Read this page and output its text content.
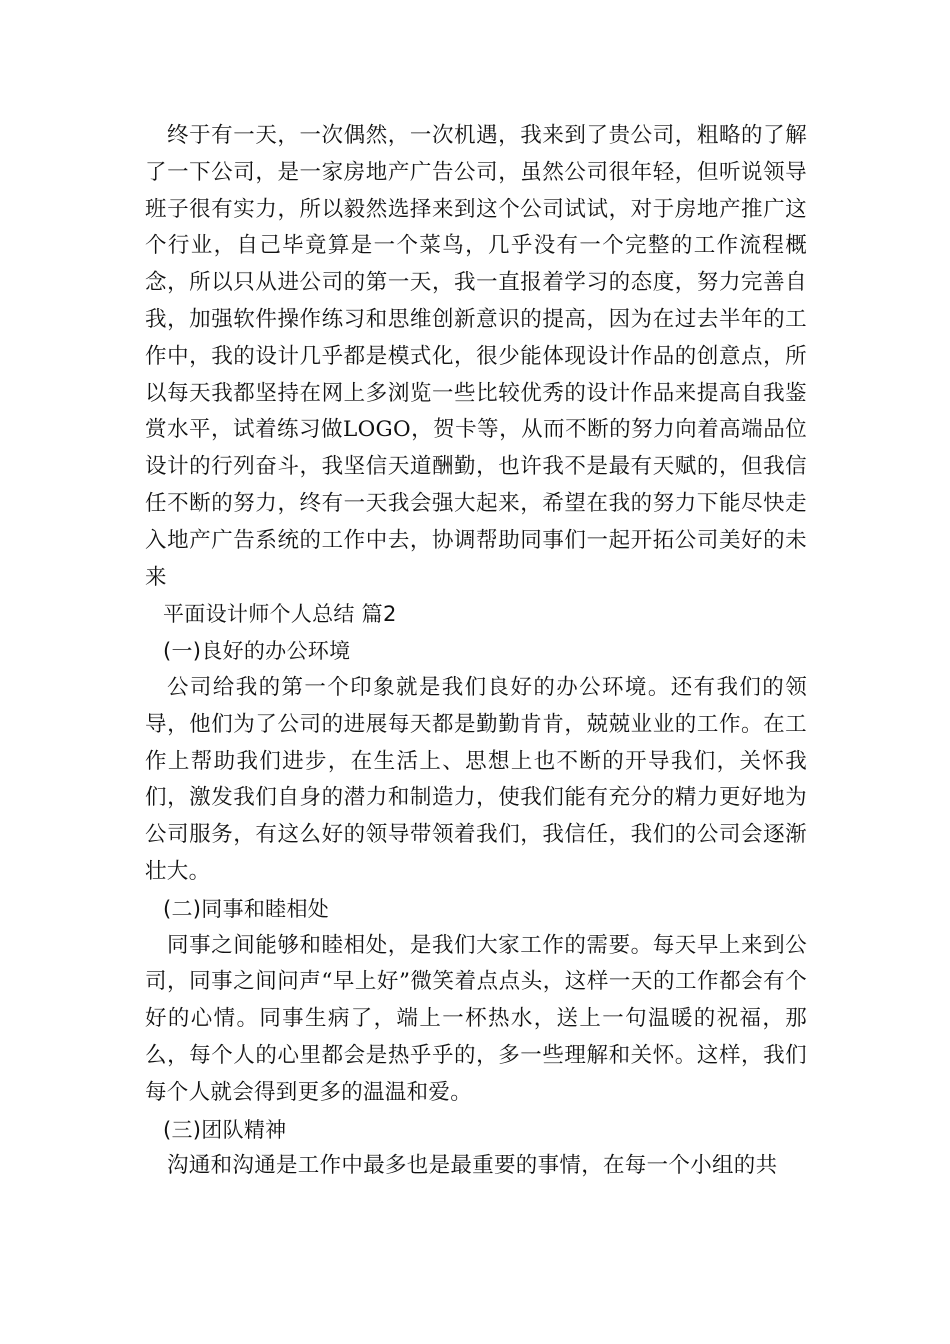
终于有一天，一次偶然，一次机遇，我来到了贵公司，粗略的了解了一下公司，是一家房地产广告公司，虽然公司很年轻，但听说领导班子很有实力，所以毅然选择来到这个公司试试，对于房地产推广这个行业，自己毕竟算是一个菜鸟，几乎没有一个完整的工作流程概念，所以只从进公司的第一天，我一直报着学习的态度，努力完善自我，加强软件操作练习和思维创新意识的提高，因为在过去半年的工作中，我的设计几乎都是模式化，很少能体现设计作品的创意点，所以每天我都坚持在网上多浏览一些比较优秀的设计作品来提高自我鉴赏水平，试着练习做LOGO，贺卡等，从而不断的努力向着高端品位设计的行列奋斗，我坚信天道酬勤，也许我不是最有天赋的，但我信任不断的努力，终有一天我会强大起来，希望在我的努力下能尽快走入地产广告系统的工作中去，协调帮助同事们一起开拓公司美好的未来

平面设计师个人总结 篇2

(一)良好的办公环境

公司给我的第一个印象就是我们良好的办公环境。还有我们的领导，他们为了公司的进展每天都是勤勤肯肯，兢兢业业的工作。在工作上帮助我们进步，在生活上、思想上也不断的开导我们，关怀我们，激发我们自身的潜力和制造力，使我们能有充分的精力更好地为公司服务，有这么好的领导带领着我们，我信任，我们的公司会逐渐壮大。

(二)同事和睦相处

同事之间能够和睦相处，是我们大家工作的需要。每天早上来到公司，同事之间问声“早上好”微笑着点点头，这样一天的工作都会有个好的心情。同事生病了，端上一杯热水，送上一句温暖的祝福，那么，每个人的心里都会是热乎乎的，多一些理解和关怀。这样，我们每个人就会得到更多的温温和爱。

(三)团队精神

沟通和沟通是工作中最多也是最重要的事情，在每一个小组的共
